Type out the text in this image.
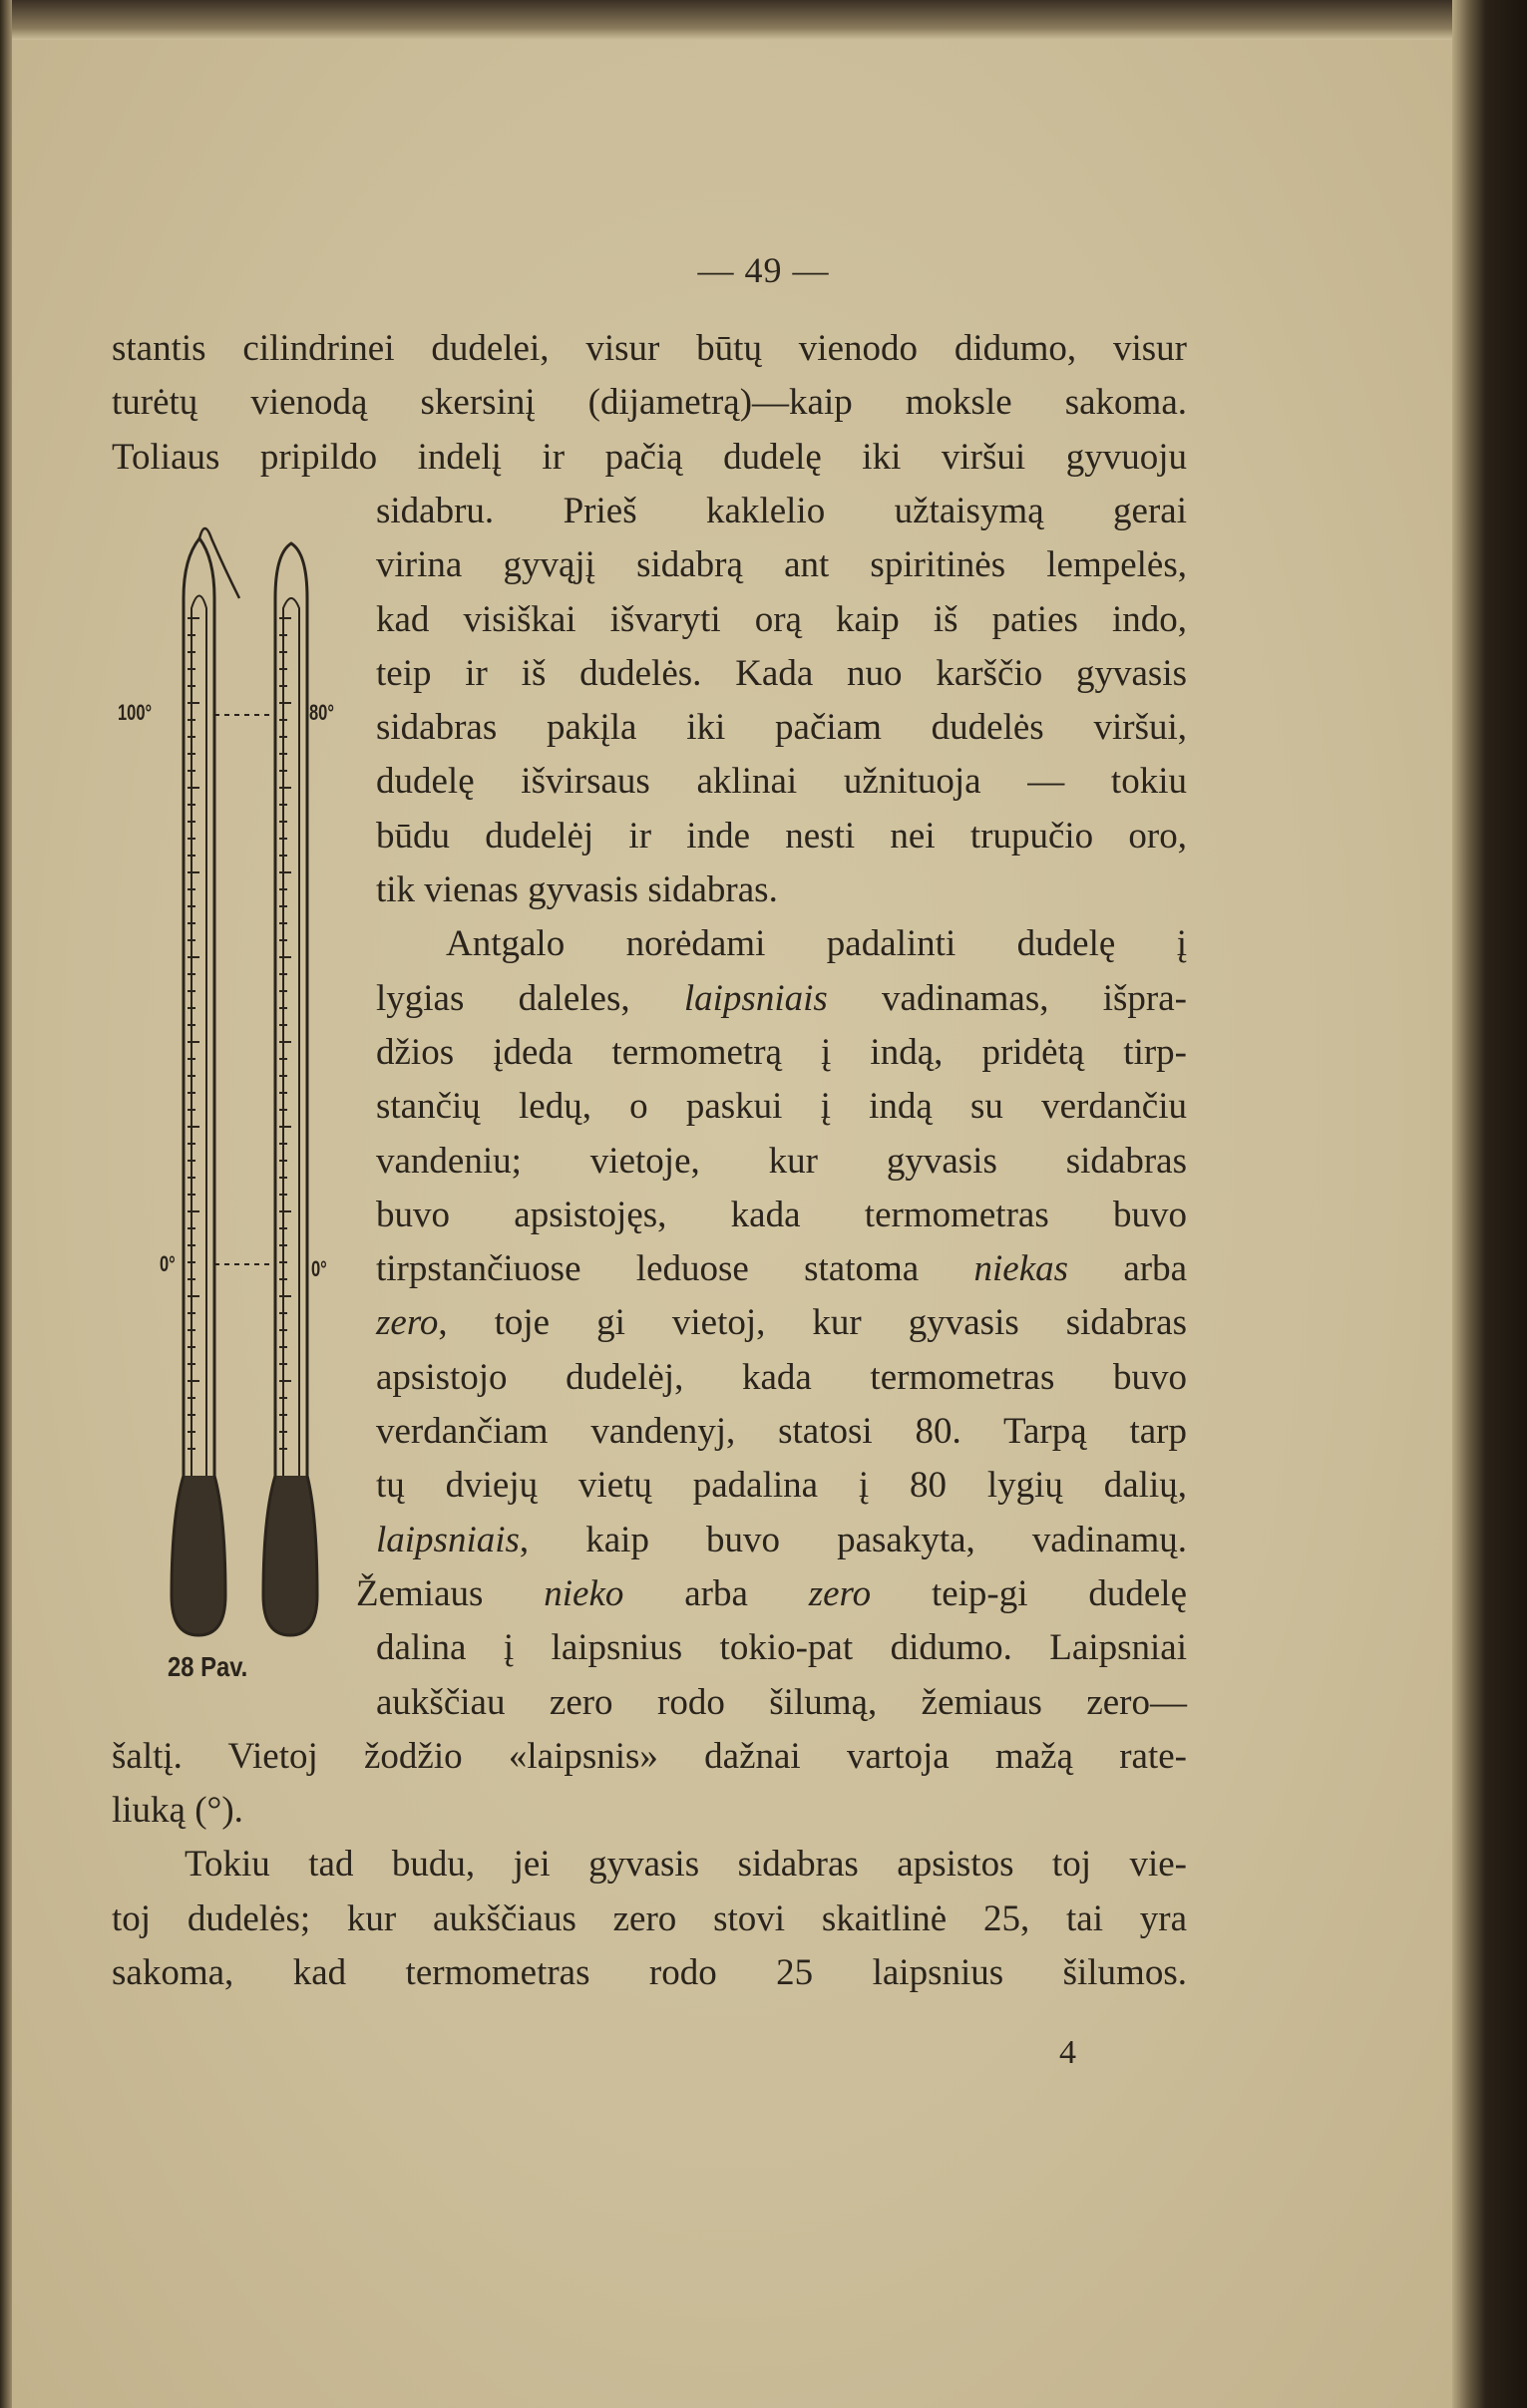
— 49 —
100°	80°
0°	0°
28 Pav.
stantis cilindrinei dudelei, visur būtų vienodo didumo, visur
turėtų vienodą skersinį (dijametrą)—kaip moksle sakoma.
Toliaus pripildo indelį ir pačią dudelę iki viršui gyvuoju
sidabru. Prieš kaklelio užtaisymą gerai
virina gyvąjį sidabrą ant spiritinės lempelės,
kad visiškai išvaryti orą kaip iš paties indo,
teip ir iš dudelės. Kada nuo karščio gyvasis
sidabras pakįla iki pačiam dudelės viršui,
dudelę išvirsaus aklinai užnituoja — tokiu
būdu dudelėj ir inde nesti nei trupučio oro,
tik vienas gyvasis sidabras.
Antgalo norėdami padalinti dudelę į
lygias daleles, laipsniais vadinamas, išpra-
džios įdeda termometrą į indą, pridėtą tirp-
stančių ledų, o paskui į indą su verdančiu
vandeniu; vietoje, kur gyvasis sidabras
buvo apsistojęs, kada termometras buvo
tirpstančiuose leduose statoma niekas arba
zero, toje gi vietoj, kur gyvasis sidabras
apsistojo dudelėj, kada termometras buvo
verdančiam vandenyj, statosi 80. Tarpą tarp
tų dviejų vietų padalina į 80 lygių dalių,
laipsniais, kaip buvo pasakyta, vadinamų.
Žemiaus nieko arba zero teip-gi dudelę
dalina į laipsnius tokio-pat didumo. Laipsniai
aukščiau zero rodo šilumą, žemiaus zero—
šaltį. Vietoj žodžio «laipsnis» dažnai vartoja mažą rate-
liuką (°).
Tokiu tad budu, jei gyvasis sidabras apsistos toj vie-
toj dudelės; kur aukščiaus zero stovi skaitlinė 25, tai yra
sakoma, kad termometras rodo 25 laipsnius šilumos.
4
